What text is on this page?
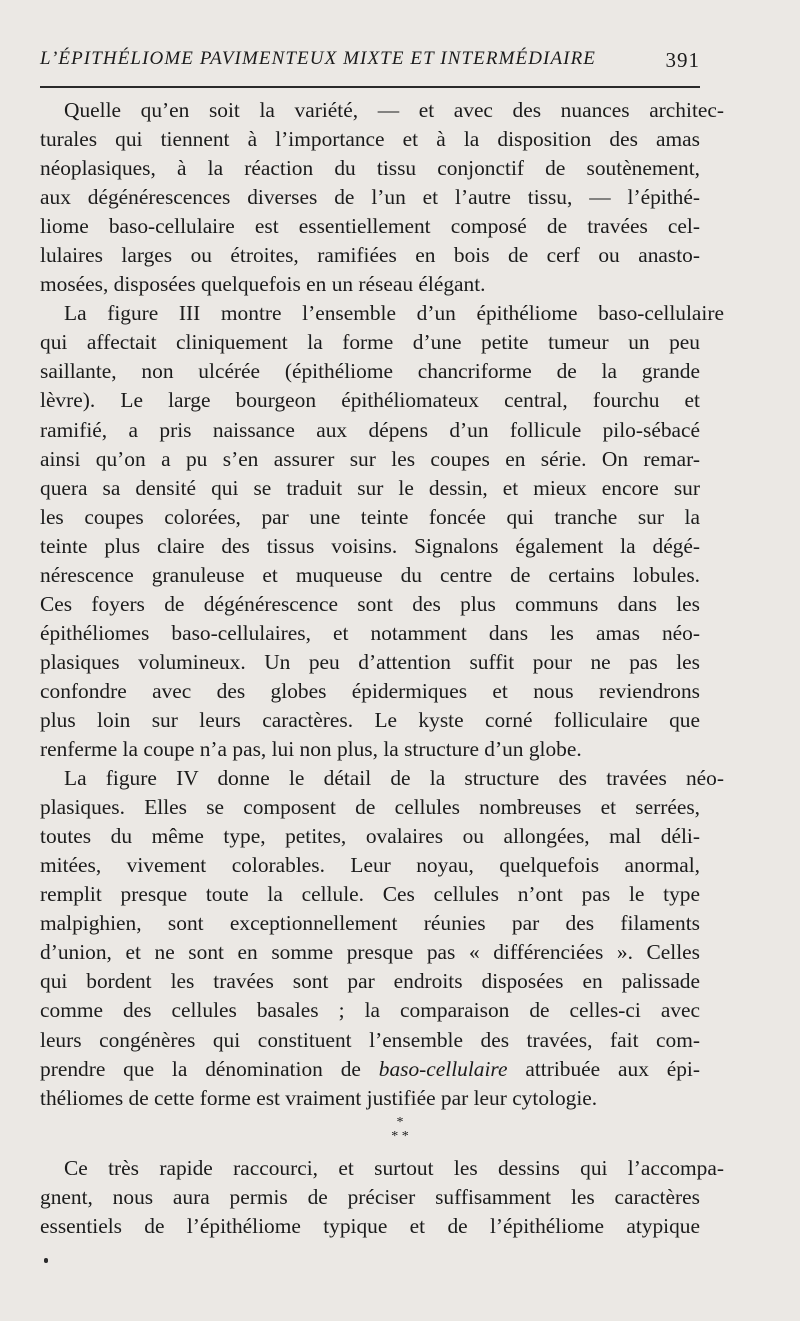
L’ÉPITHÉLIOME PAVIMENTEUX MIXTE ET INTERMÉDIAIRE	391

Quelle qu’en soit la variété, — et avec des nuances architec-
turales qui tiennent à l’importance et à la disposition des amas
néoplasiques, à la réaction du tissu conjonctif de soutènement,
aux dégénérescences diverses de l’un et l’autre tissu, — l’épithé-
liome baso-cellulaire est essentiellement composé de travées cel-
lulaires larges ou étroites, ramifiées en bois de cerf ou anasto-
mosées, disposées quelquefois en un réseau élégant.

La figure III montre l’ensemble d’un épithéliome baso-cellulaire
qui affectait cliniquement la forme d’une petite tumeur un peu
saillante, non ulcérée (épithéliome chancriforme de la grande
lèvre). Le large bourgeon épithéliomateux central, fourchu et
ramifié, a pris naissance aux dépens d’un follicule pilo-sébacé
ainsi qu’on a pu s’en assurer sur les coupes en série. On remar-
quera sa densité qui se traduit sur le dessin, et mieux encore sur
les coupes colorées, par une teinte foncée qui tranche sur la
teinte plus claire des tissus voisins. Signalons également la dégé-
nérescence granuleuse et muqueuse du centre de certains lobules.
Ces foyers de dégénérescence sont des plus communs dans les
épithéliomes baso-cellulaires, et notamment dans les amas néo-
plasiques volumineux. Un peu d’attention suffit pour ne pas les
confondre avec des globes épidermiques et nous reviendrons
plus loin sur leurs caractères. Le kyste corné folliculaire que
renferme la coupe n’a pas, lui non plus, la structure d’un globe.

La figure IV donne le détail de la structure des travées néo-
plasiques. Elles se composent de cellules nombreuses et serrées,
toutes du même type, petites, ovalaires ou allongées, mal déli-
mitées, vivement colorables. Leur noyau, quelquefois anormal,
remplit presque toute la cellule. Ces cellules n’ont pas le type
malpighien, sont exceptionnellement réunies par des filaments
d’union, et ne sont en somme presque pas « différenciées ». Celles
qui bordent les travées sont par endroits disposées en palissade
comme des cellules basales ; la comparaison de celles-ci avec
leurs congénères qui constituent l’ensemble des travées, fait com-
prendre que la dénomination de baso-cellulaire attribuée aux épi-
théliomes de cette forme est vraiment justifiée par leur cytologie.

*
* *

Ce très rapide raccourci, et surtout les dessins qui l’accompa-
gnent, nous aura permis de préciser suffisamment les caractères
essentiels de l’épithéliome typique et de l’épithéliome atypique
